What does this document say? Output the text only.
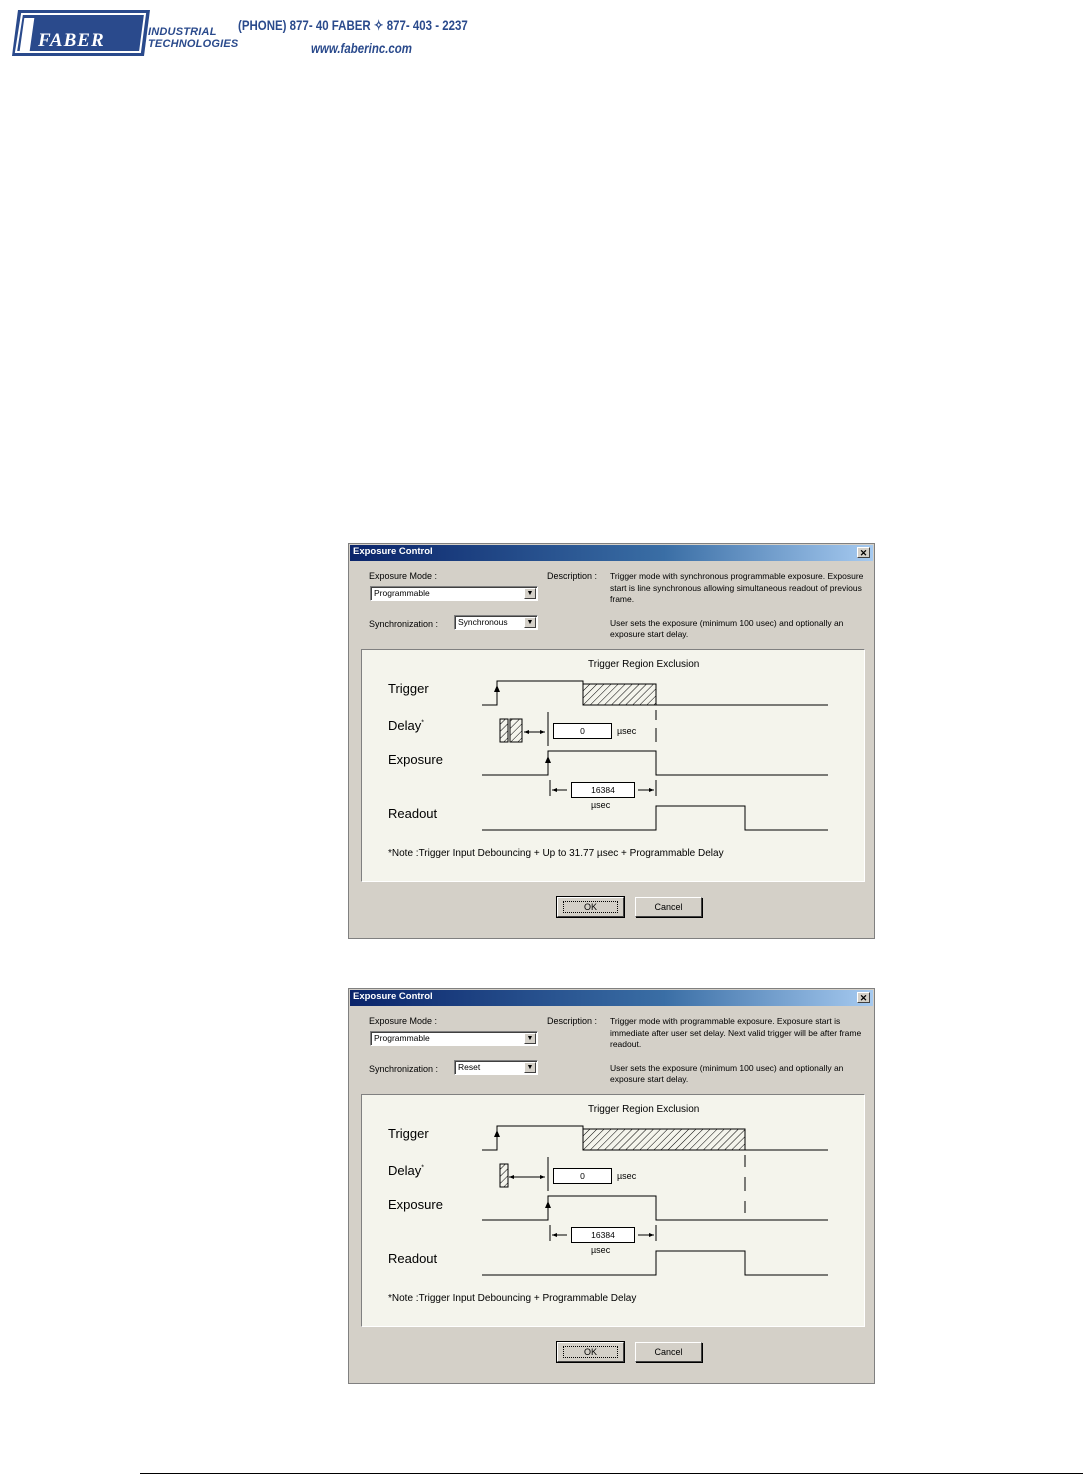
FABER	INDUSTRIAL
TECHNOLOGIES
(PHONE) 877- 40 FABER ✧ 877- 403 - 2237
www.faberinc.com
Exposure Control	✕
Exposure Mode :
Programmable	▼
Synchronization : Synchronous	▼
Description : Trigger mode with synchronous programmable exposure. Exposure start is line synchronous allowing simultaneous readout of previous frame.

User sets the exposure (minimum 100 usec) and optionally an exposure start delay.

Trigger Region Exclusion
Trigger
Delay*
Exposure
Readout
0	µsec
16384
µsec
*Note :Trigger Input Debouncing + Up to 31.77 µsec + Programmable Delay
OK	Cancel
Exposure Control	✕
Exposure Mode :
Programmable	▼
Synchronization : Reset	▼
Description : Trigger mode with programmable exposure. Exposure start is immediate after user set delay. Next valid trigger will be after frame readout.

User sets the exposure (minimum 100 usec) and optionally an exposure start delay.

Trigger Region Exclusion
Trigger
Delay*
Exposure
Readout
0	µsec
16384
µsec
*Note :Trigger Input Debouncing + Programmable Delay
OK	Cancel
